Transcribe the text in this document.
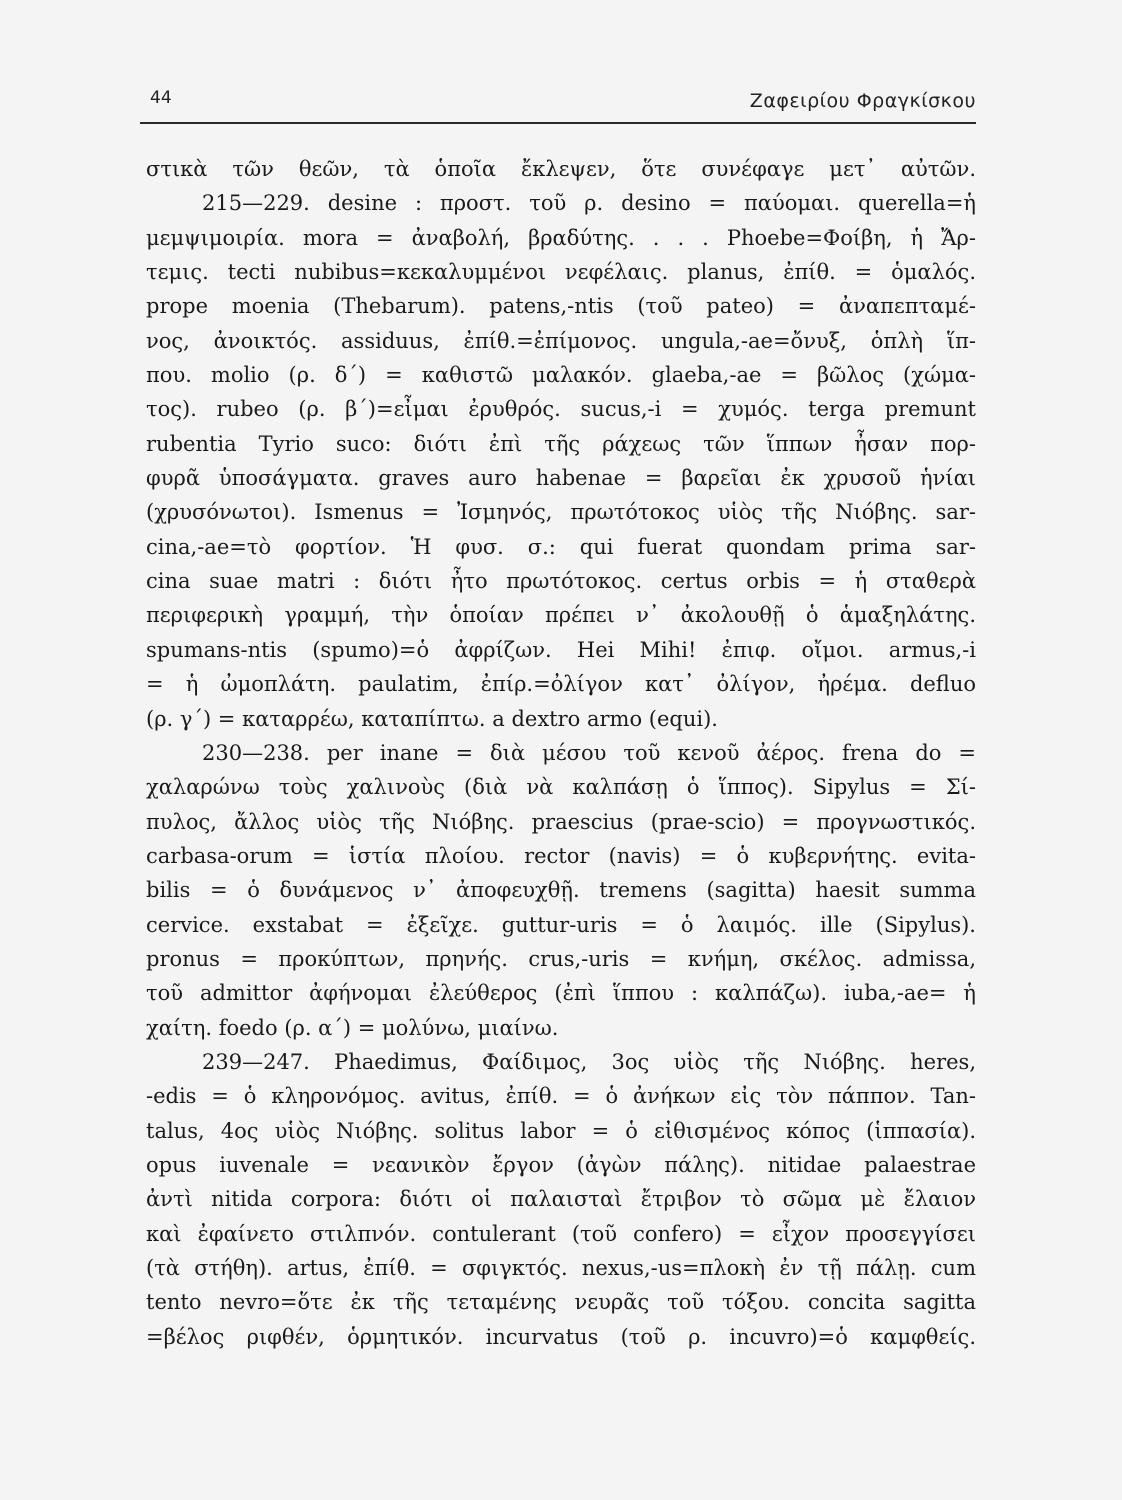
44	Ζαφειρίου Φραγκίσκου
στικὰ τῶν θεῶν, τὰ ὁποῖα ἔκλεψεν, ὅτε συνέφαγε μετ᾿ αὐτῶν.
215—229. desine : προστ. τοῦ ρ. desino = παύομαι. querella=ἡ
μεμψιμοιρία. mora = ἀναβολή, βραδύτης. . . . Phoebe=Φοίβη, ἡ Ἄρ-
τεμις. tecti nubibus=κεκαλυμμένοι νεφέλαις. planus, ἐπίθ. = ὁμαλός.
prope moenia (Thebarum). patens,-ntis (τοῦ pateo) = ἀναπεπταμέ-
νος, ἀνοικτός. assiduus, ἐπίθ.=ἐπίμονος. ungula,-ae=ὄνυξ, ὁπλὴ ἵπ-
που. molio (ρ. δ΄) = καθιστῶ μαλακόν. glaeba,-ae = βῶλος (χώμα-
τος). rubeo (ρ. β΄)=εἶμαι ἐρυθρός. sucus,-i = χυμός. terga premunt
rubentia Tyrio suco: διότι ἐπὶ τῆς ράχεως τῶν ἵππων ἦσαν πορ-
φυρᾶ ὑποσάγματα. graves auro habenae = βαρεῖαι ἐκ χρυσοῦ ἡνίαι
(χρυσόνωτοι). Ismenus = Ἰσμηνός, πρωτότοκος υἱὸς τῆς Νιόβης. sar-
cina,-ae=τὸ φορτίον. Ἡ φυσ. σ.: qui fuerat quondam prima sar-
cina suae matri : διότι ἦτο πρωτότοκος. certus orbis = ἡ σταθερὰ
περιφερικὴ γραμμή, τὴν ὁποίαν πρέπει ν᾿ ἀκολουθῇ ὁ ἁμαξηλάτης.
spumans-ntis (spumo)=ὁ ἀφρίζων. Hei Mihi! ἐπιφ. οἴμοι. armus,-i
= ἡ ὠμοπλάτη. paulatim, ἐπίρ.=ὀλίγον κατ᾿ ὀλίγον, ἠρέμα. defluo
(ρ. γ΄) = καταρρέω, καταπίπτω. a dextro armo (equi).
230—238. per inane = διὰ μέσου τοῦ κενοῦ ἀέρος. frena do =
χαλαρώνω τοὺς χαλινοὺς (διὰ νὰ καλπάσῃ ὁ ἵππος). Sipylus = Σί-
πυλος, ἄλλος υἱὸς τῆς Νιόβης. praescius (prae-scio) = προγνωστικός.
carbasa-orum = ἱστία πλοίου. rector (navis) = ὁ κυβερνήτης. evita-
bilis = ὁ δυνάμενος ν᾿ ἀποφευχθῇ. tremens (sagitta) haesit summa
cervice. exstabat = ἐξεῖχε. guttur-uris = ὁ λαιμός. ille (Sipylus).
pronus = προκύπτων, πρηνής. crus,-uris = κνήμη, σκέλος. admissa,
τοῦ admittor ἀφήνομαι ἐλεύθερος (ἐπὶ ἵππου : καλπάζω). iuba,-ae= ἡ
χαίτη. foedo (ρ. α΄) = μολύνω, μιαίνω.
239—247. Phaedimus, Φαίδιμος, 3ος υἱὸς τῆς Νιόβης. heres,
-edis = ὁ κληρονόμος. avitus, ἐπίθ. = ὁ ἀνήκων εἰς τὸν πάππον. Tan-
talus, 4ος υἱὸς Νιόβης. solitus labor = ὁ εἰθισμένος κόπος (ἱππασία).
opus iuvenale = νεανικὸν ἔργον (ἀγὼν πάλης). nitidae palaestrae
ἀντὶ nitida corpora: διότι οἱ παλαισταὶ ἔτριβον τὸ σῶμα μὲ ἔλαιον
καὶ ἐφαίνετο στιλπνόν. contulerant (τοῦ confero) = εἶχον προσεγγίσει
(τὰ στήθη). artus, ἐπίθ. = σφιγκτός. nexus,-us=πλοκὴ ἐν τῇ πάλῃ. cum
tento nevro=ὅτε ἐκ τῆς τεταμένης νευρᾶς τοῦ τόξου. concita sagitta
=βέλος ριφθέν, ὁρμητικόν. incurvatus (τοῦ ρ. incuvro)=ὁ καμφθείς.
